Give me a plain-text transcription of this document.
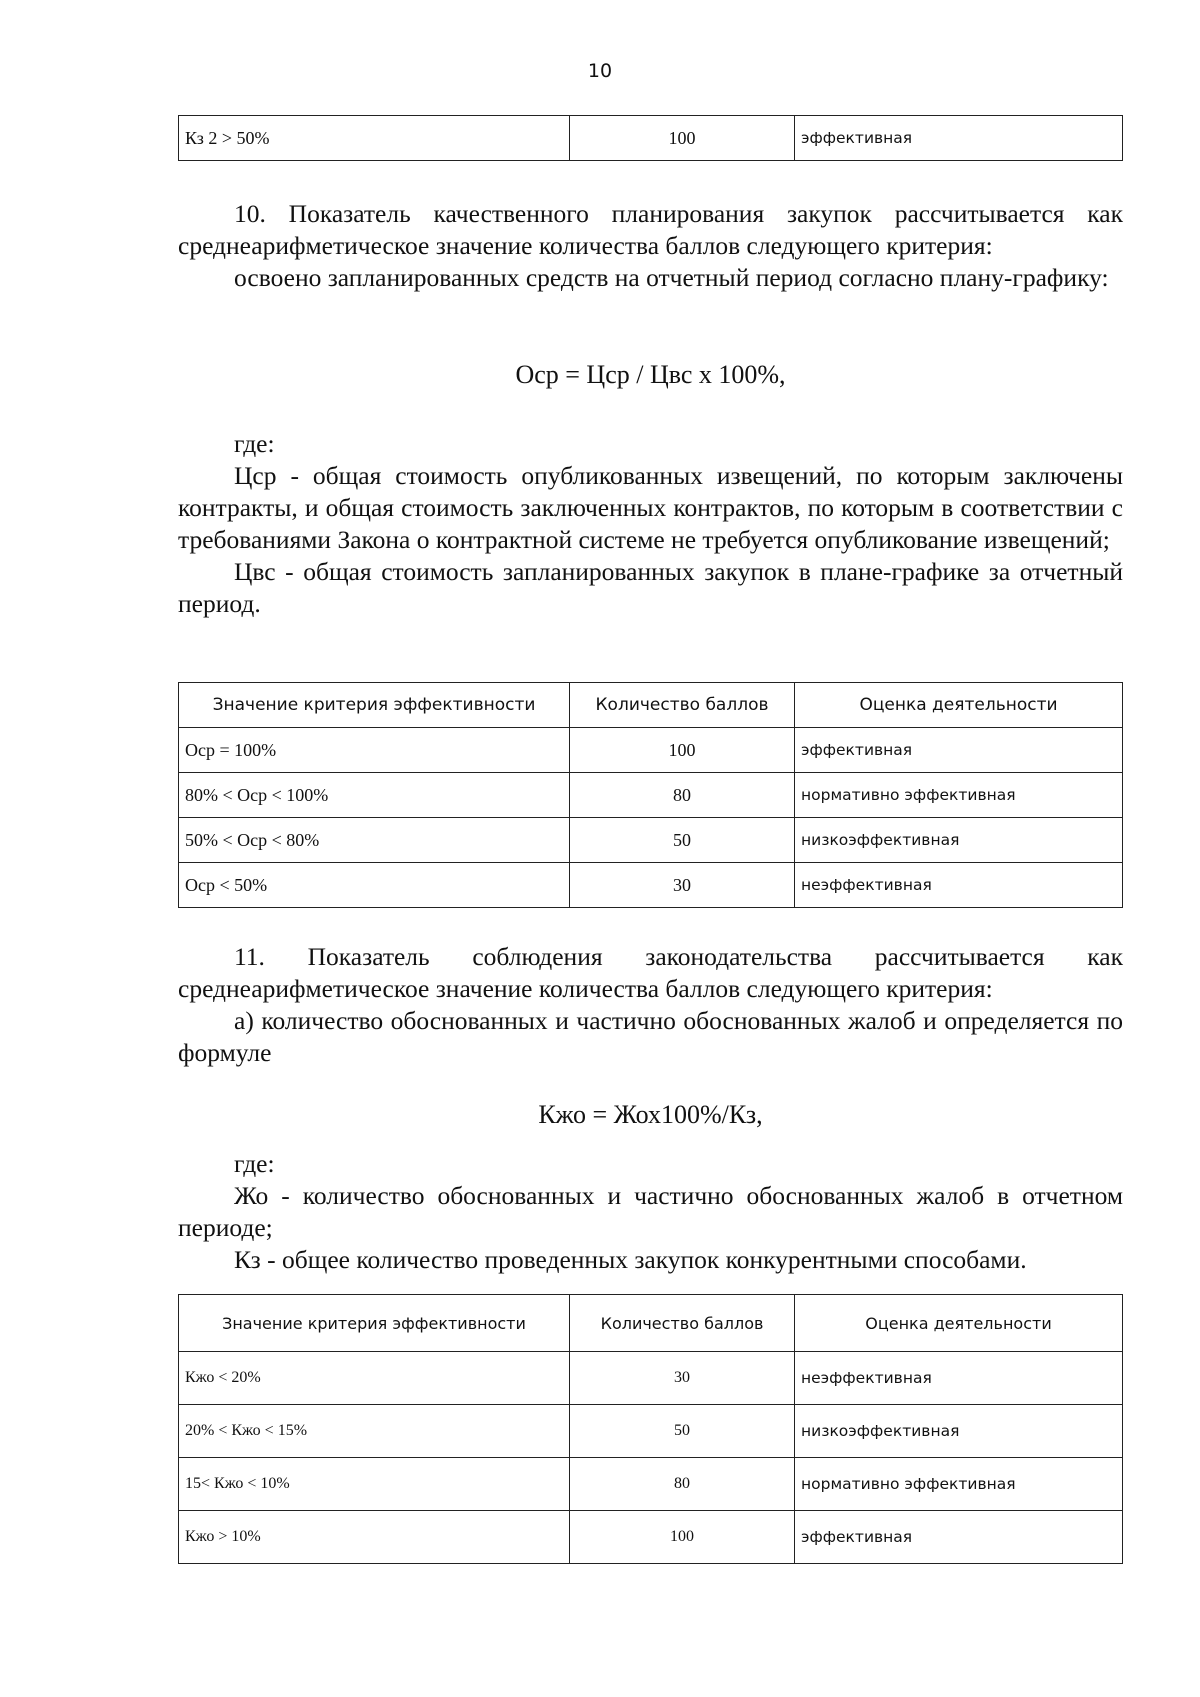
10
Кз 2 > 50%	100	эффективная

10. Показатель качественного планирования закупок рассчитывается как среднеарифметическое значение количества баллов следующего критерия:

освоено запланированных средств на отчетный период согласно плану-графику:

Оср = Цср / Цвс х 100%,

где:

Цср - общая стоимость опубликованных извещений, по которым заключены контракты, и общая стоимость заключенных контрактов, по которым в соответствии с требованиями Закона о контрактной системе не требуется опубликование извещений;

Цвс - общая стоимость запланированных закупок в плане-графике за отчетный период.

Значение критерия эффективности	Количество баллов	Оценка деятельности
Оср = 100%	100	эффективная
80% < Оср < 100%	80	нормативно эффективная
50% < Оср < 80%	50	низкоэффективная
Оср < 50%	30	неэффективная

11. Показатель соблюдения законодательства рассчитывается как среднеарифметическое значение количества баллов следующего критерия:

а) количество обоснованных и частично обоснованных жалоб и определяется по формуле

Кжо = Жох100%/Кз,

где:

Жо - количество обоснованных и частично обоснованных жалоб в отчетном периоде;

Кз - общее количество проведенных закупок конкурентными способами.

Значение критерия эффективности	Количество баллов	Оценка деятельности
Кжо < 20%	30	неэффективная
20% < Кжо < 15%	50	низкоэффективная
15< Кжо < 10%	80	нормативно эффективная
Кжо > 10%	100	эффективная
